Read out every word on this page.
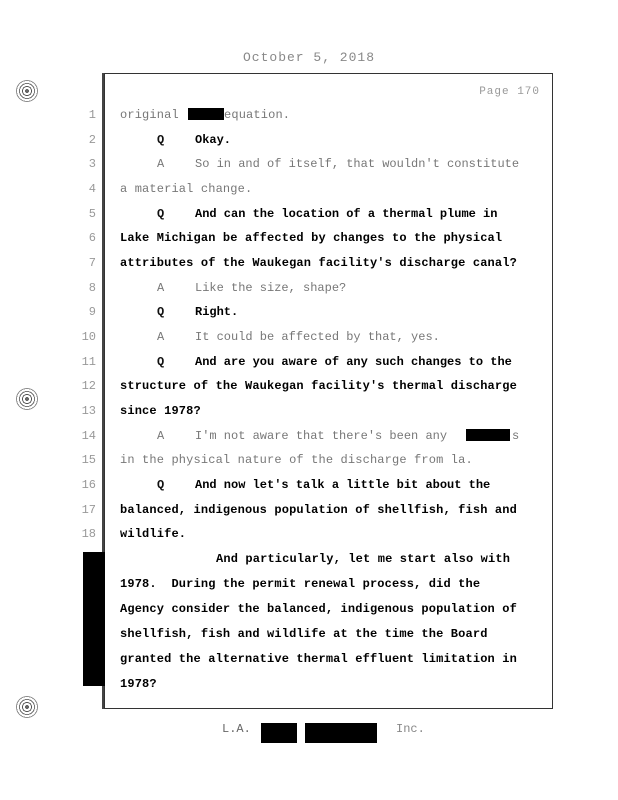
October 5, 2018
Page 170
1
2
3
4
5
6
7
8
9
10
11
12
13
14
15
16
17
18
original	equation.
Q	Okay.
A	So in and of itself, that wouldn't constitute
a material change.
Q	And can the location of a thermal plume in
Lake Michigan be affected by changes to the physical
attributes of the Waukegan facility's discharge canal?
A	Like the size, shape?
Q	Right.
A	It could be affected by that, yes.
Q	And are you aware of any such changes to the
structure of the Waukegan facility's thermal discharge
since 1978?
A	I'm not aware that there's been any	s
in the physical nature of the discharge from la.
Q	And now let's talk a little bit about the
balanced, indigenous population of shellfish, fish and
wildlife.
And particularly, let me start also with
1978.  During the permit renewal process, did the
Agency consider the balanced, indigenous population of
shellfish, fish and wildlife at the time the Board
granted the alternative thermal effluent limitation in
1978?
L.A.	Inc.
